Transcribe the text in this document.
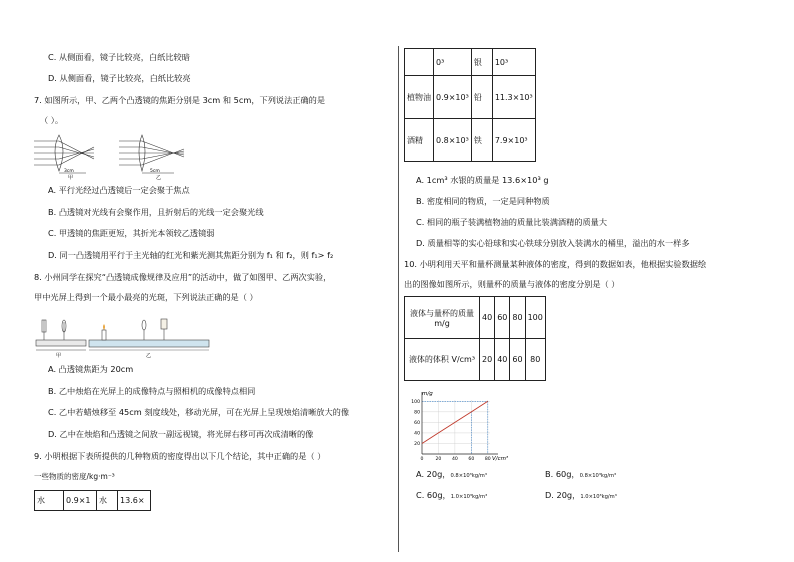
C. 从侧面看，镜子比较亮，白纸比较暗
D. 从侧面看，镜子比较亮，白纸比较亮
7. 如图所示，甲、乙两个凸透镜的焦距分别是 3cm 和 5cm，下列说法正确的是
（ ）。
3cm
甲
5cm
乙
A. 平行光经过凸透镜后一定会聚于焦点
B. 凸透镜对光线有会聚作用，且折射后的光线一定会聚光线
C. 甲透镜的焦距更短，其折光本领较乙透镜弱
D. 同一凸透镜用平行于主光轴的红光和紫光测其焦距分别为 f₁ 和 f₂，则 f₁> f₂
8. 小州同学在探究“凸透镜成像规律及应用”的活动中，做了如图甲、乙两次实验，
甲中光屏上得到一个最小最亮的光斑，下列说法正确的是（ ）
甲	乙
A. 凸透镜焦距为 20cm
B. 乙中烛焰在光屏上的成像特点与照相机的成像特点相同
C. 乙中若蜡烛移至 45cm 刻度线处，移动光屏，可在光屏上呈现烛焰清晰放大的像
D. 乙中在烛焰和凸透镜之间放一副远视镜，将光屏右移可再次成清晰的像
9. 小明根据下表所提供的几种物质的密度得出以下几个结论，其中正确的是（ ）
一些物质的密度/kg·m⁻³
水	0.9×1	水	13.6×
	0³	银	10³
植物油	0.9×10³	铅	11.3×10³
酒精	0.8×10³	铁	7.9×10³
A. 1cm³ 水银的质量是 13.6×10³ g
B. 密度相同的物质，一定是同种物质
C. 相同的瓶子装满植物油的质量比装满酒精的质量大
D. 质量相等的实心铅球和实心铁球分别放入装满水的桶里，溢出的水一样多
10. 小明利用天平和量杯测量某种液体的密度，得到的数据如表，他根据实验数据绘
出的图像如图所示，则量杯的质量与液体的密度分别是（ ）
液体与量杯的质量 m/g	40	60	80	100
液体的体积 V/cm³	20	40	60	80
20
40
60
80
100
0	20 40 60 80
m/g
V/cm³
A. 20g，0.8×10³kg/m³	B. 60g，0.8×10³kg/m³
C. 60g，1.0×10³kg/m³	D. 20g，1.0×10³kg/m³
